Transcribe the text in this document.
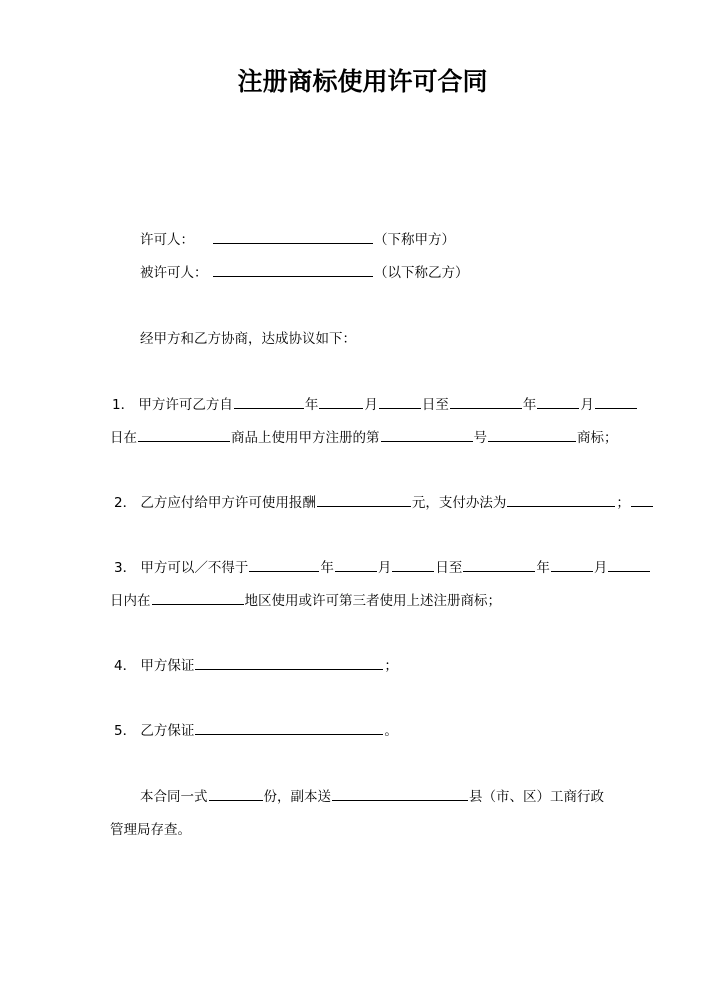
注册商标使用许可合同
许可人：	（下称甲方）
被许可人：	（以下称乙方）
经甲方和乙方协商，达成协议如下：
1． 甲方许可乙方自	年	月	日至	年	月
日在	商品上使用甲方注册的第	号	商标；
2． 乙方应付给甲方许可使用报酬	元，支付办法为	；
3． 甲方可以／不得于	年	月	日至	年	月
日内在	地区使用或许可第三者使用上述注册商标；
4． 甲方保证	；
5． 乙方保证	。
本合同一式	份，副本送	县（市、区）工商行政
管理局存查。
